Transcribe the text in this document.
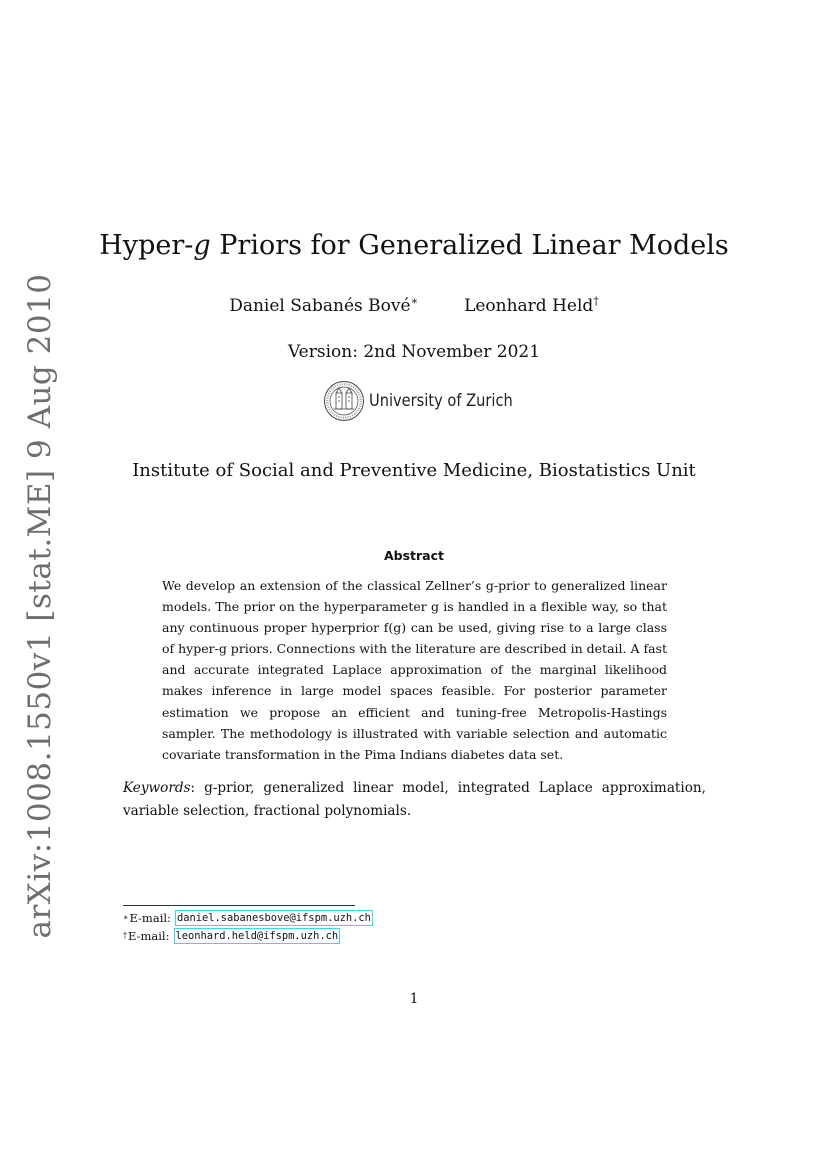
arXiv:1008.1550v1 [stat.ME] 9 Aug 2010
Hyper-g Priors for Generalized Linear Models
Daniel Sabanés Bové∗	Leonhard Held†
Version: 2nd November 2021
University of Zurich
Institute of Social and Preventive Medicine, Biostatistics Unit
Abstract

We develop an extension of the classical Zellner’s g-prior to generalized linear models. The prior on the hyperparameter g is handled in a flexible way, so that any continuous proper hyperprior f(g) can be used, giving rise to a large class of hyper-g priors. Connections with the literature are described in detail. A fast and accurate integrated Laplace approximation of the marginal likelihood makes inference in large model spaces feasible. For posterior parameter estimation we propose an efficient and tuning-free Metropolis-Hastings sampler. The methodology is illustrated with variable selection and automatic covariate transformation in the Pima Indians diabetes data set.

Keywords: g-prior, generalized linear model, integrated Laplace approximation, variable selection, fractional polynomials.
∗ E-mail: daniel.sabanesbove@ifspm.uzh.ch
† E-mail: leonhard.held@ifspm.uzh.ch
1
